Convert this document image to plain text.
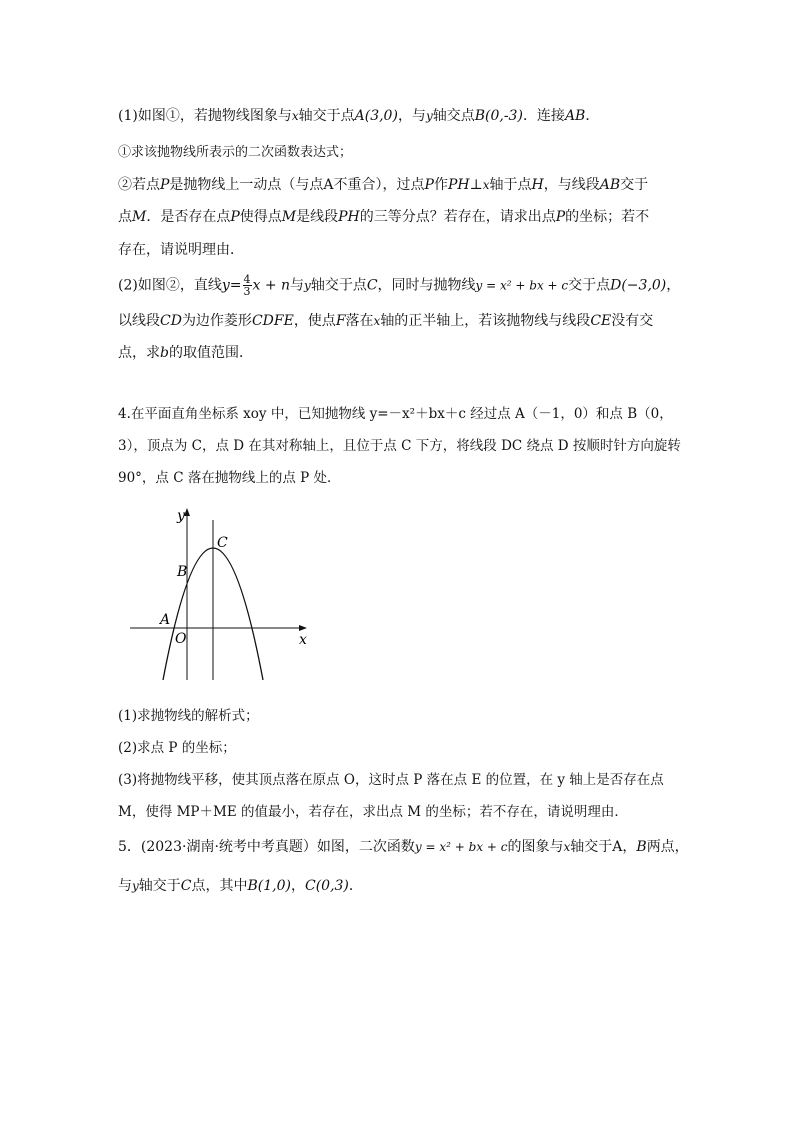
(1)如图①，若抛物线图象与x轴交于点A(3,0)，与y轴交点B(0,-3)．连接AB．
①求该抛物线所表示的二次函数表达式；
②若点P是抛物线上一动点（与点A不重合），过点P作PH⊥x轴于点H，与线段AB交于
点M．是否存在点P使得点M是线段PH的三等分点？若存在，请求出点P的坐标；若不
存在，请说明理由．
(2)如图②，直线$y= \frac{4}{3}$ x + n与y轴交于点C，同时与抛物线y = x² + bx + c交于点D(−3,0)，
以线段CD为边作菱形CDFE，使点F落在x轴的正半轴上，若该抛物线与线段CE没有交
点，求b的取值范围．
4.在平面直角坐标系 xoy 中，已知抛物线 y=－x²＋bx＋c 经过点 A（－1，0）和点 B（0，
3），顶点为 C，点 D 在其对称轴上，且位于点 C 下方，将线段 DC 绕点 D 按顺时针方向旋转
90°，点 C 落在抛物线上的点 P 处．
y
x
C
B
A
O
(1)求抛物线的解析式；
(2)求点 P 的坐标；
(3)将抛物线平移，使其顶点落在原点 O，这时点 P 落在点 E 的位置，在 y 轴上是否存在点
M，使得 MP＋ME 的值最小，若存在，求出点 M 的坐标；若不存在，请说明理由．
5．(2023·湖南·统考中考真题）如图，二次函数y = x² + bx + c的图象与x轴交于A，B两点，
与y轴交于C点，其中B(1,0)，C(0,3)．
